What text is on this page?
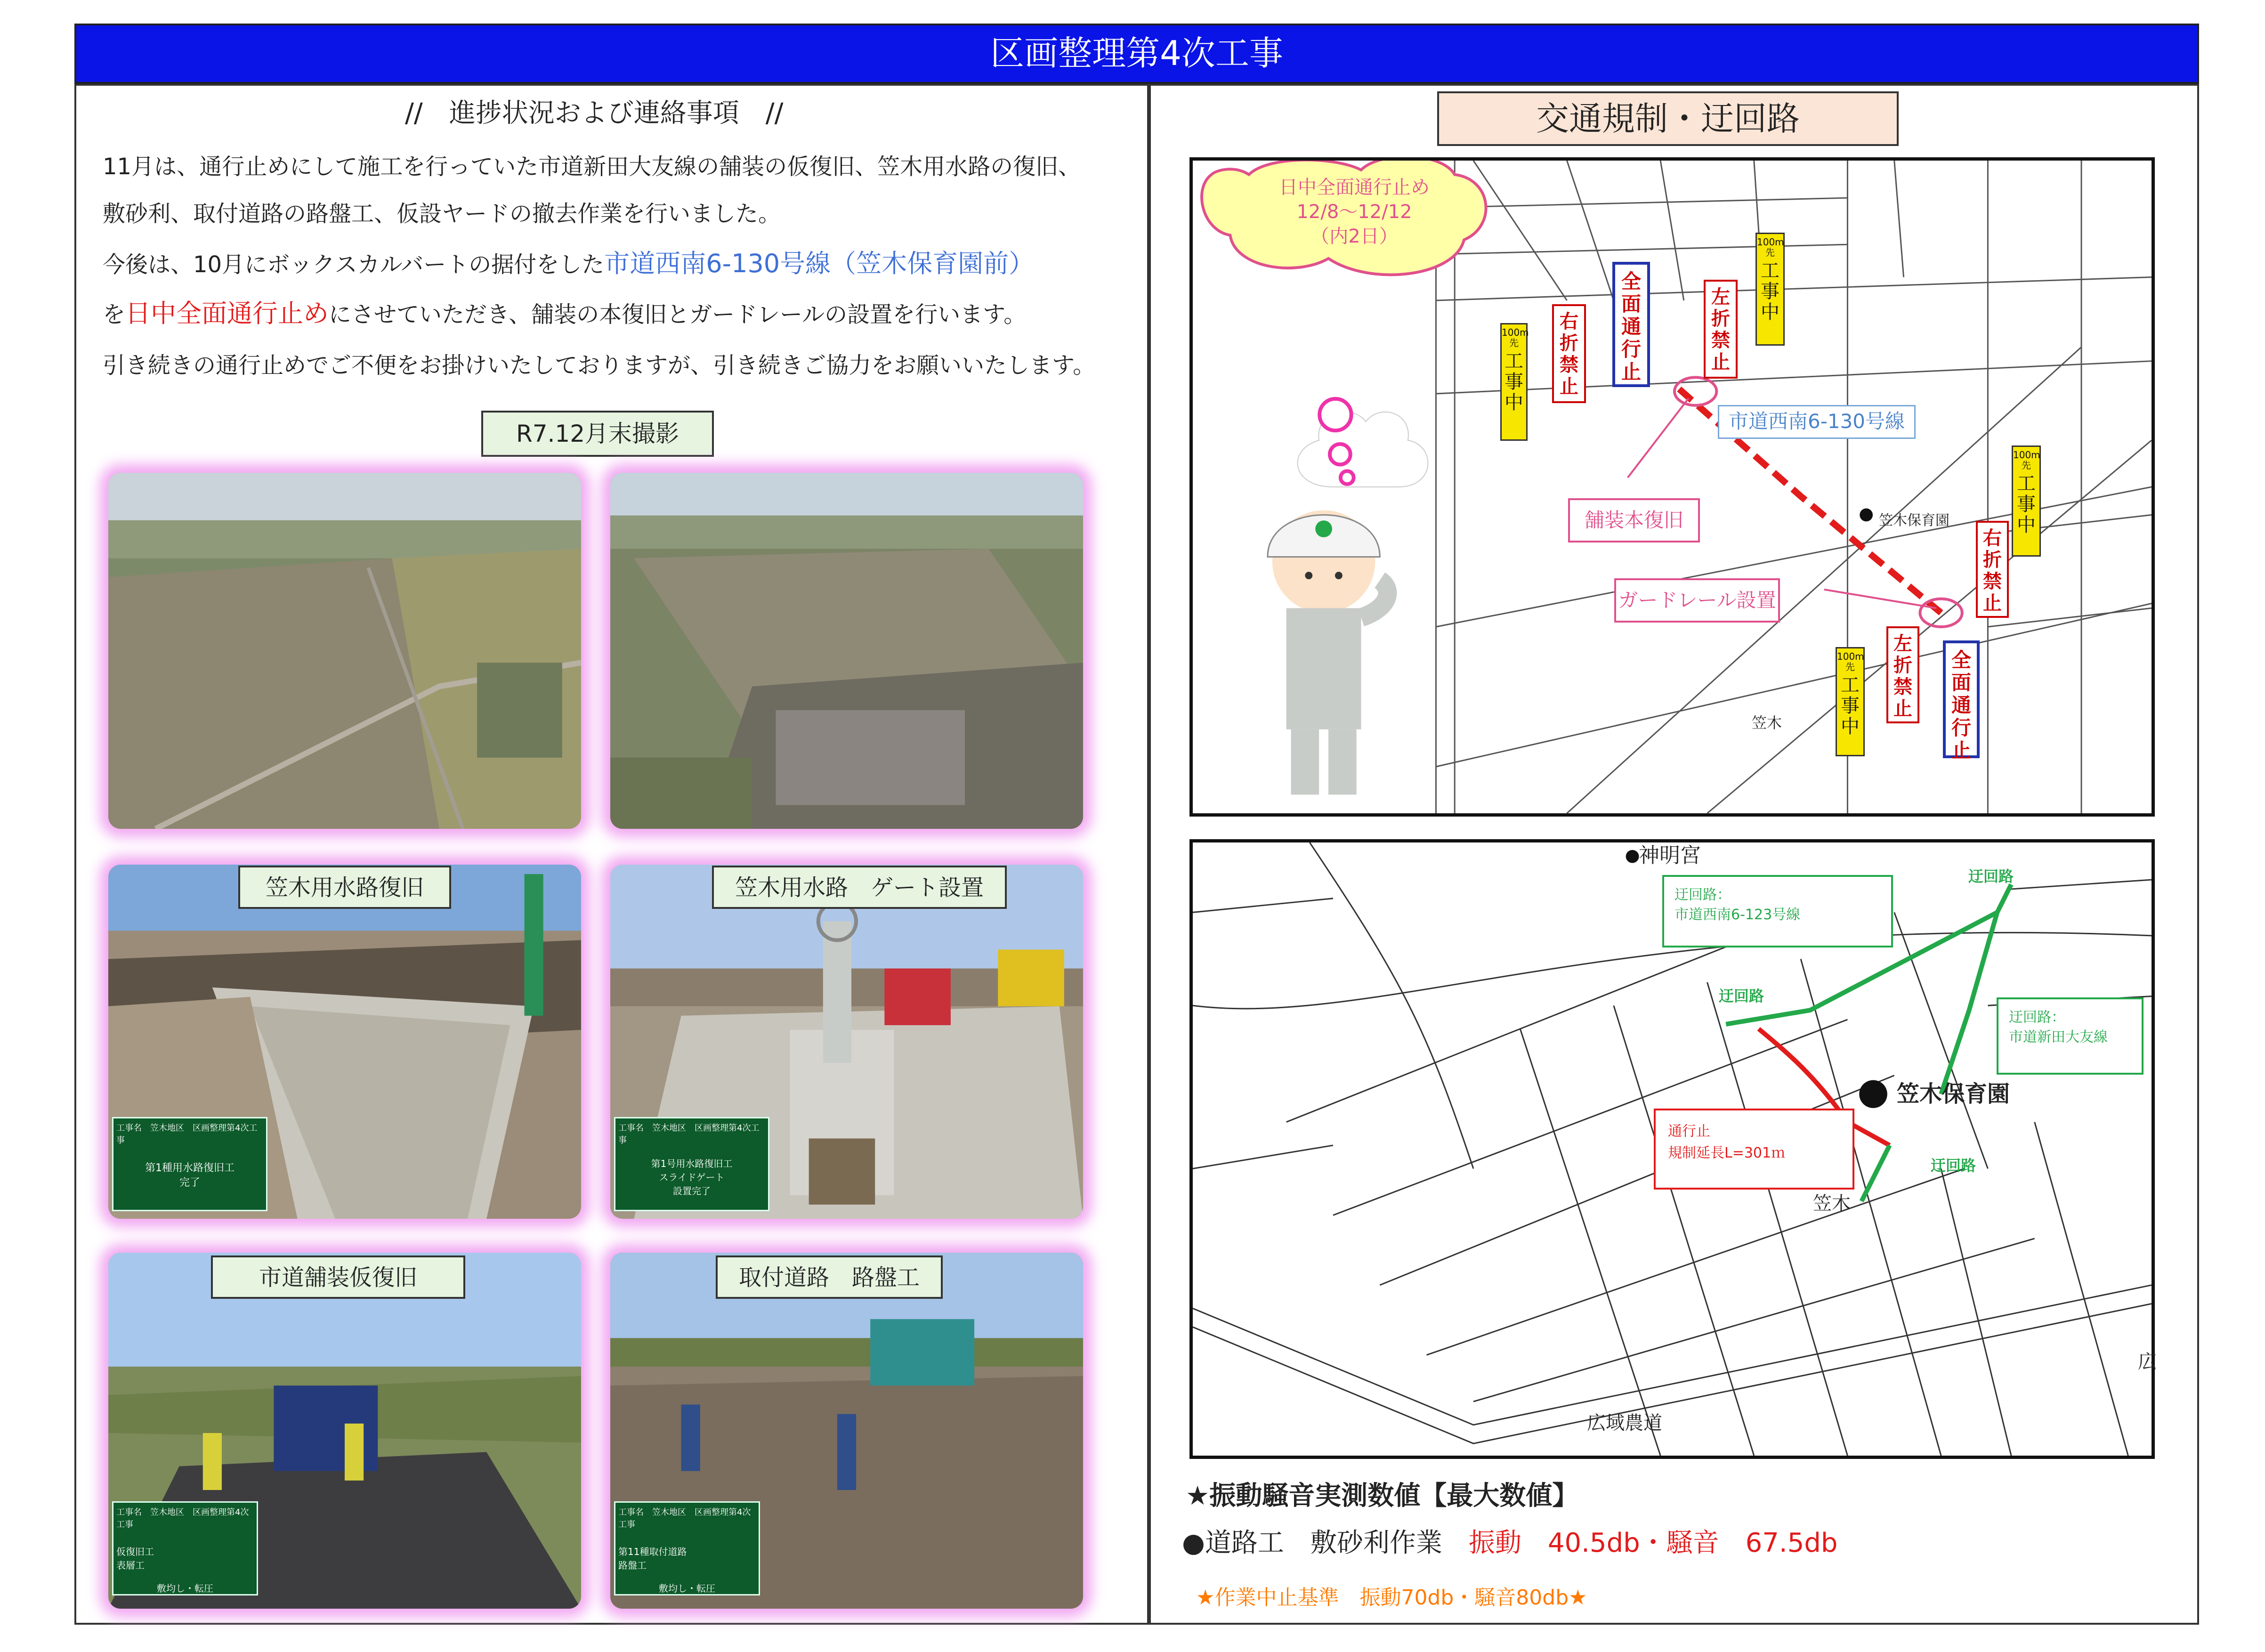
区画整理第4次工事
//　進捗状況および連絡事項　//
11月は、通行止めにして施工を行っていた市道新田大友線の舗装の仮復旧、笠木用水路の復旧、
敷砂利、取付道路の路盤工、仮設ヤードの撤去作業を行いました。
今後は、10月にボックスカルバートの据付をした市道西南6-130号線（笠木保育園前）
を日中全面通行止めにさせていただき、舗装の本復旧とガードレールの設置を行います。
引き続きの通行止めでご不便をお掛けいたしておりますが、引き続きご協力をお願いいたします。
R7.12月末撮影
笠木用水路復旧
工事名　笠木地区　区画整理第4次工事
第1種用水路復旧工
完了
笠木用水路　ゲート設置
工事名　笠木地区　区画整理第4次工事
第1号用水路復旧工
スライドゲート
設置完了
市道舗装仮復旧
工事名　笠木地区　区画整理第4次工事
仮復旧工
表層工
敷均し・転圧
取付道路　路盤工
工事名　笠木地区　区画整理第4次工事
第11種取付道路
路盤工
敷均し・転圧
交通規制・迂回路
日中全面通行止め
12/8～12/12
（内2日）
市道西南6-130号線
舗装本復旧
ガードレール設置
笠木保育園
笠木
100m先
工事中
右折禁止
全面通行止
左折禁止
100m先
工事中
100m先
工事中
右折禁止
左折禁止
全面通行止
100m先
工事中
神明宮
迂回路：
市道西南6-123号線
迂回路：
市道新田大友線
迂回路
迂回路
迂回路
通行止
規制延長L=301ｍ
笠木保育園
笠木
広域農道
広
★振動騒音実測数値【最大数値】
●道路工　敷砂利作業　振動　40.5db・騒音　67.5db
★作業中止基準　振動70db・騒音80db★
